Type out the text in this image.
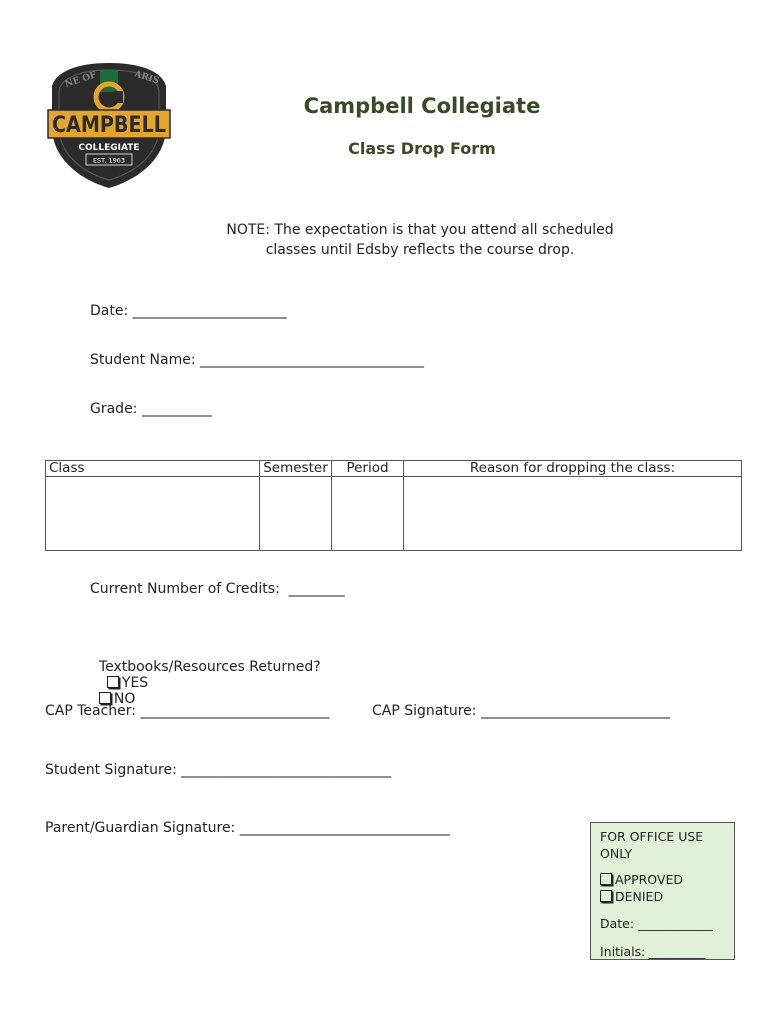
NE OF	ARIS
CAMPBELL
COLLEGIATE
EST. 1963
Campbell Collegiate
Class Drop Form
NOTE: The expectation is that you attend all scheduled
classes until Edsby reflects the course drop.
Date: ______________________
Student Name: ________________________________
Grade: __________
Class	Semester	Period	Reason for dropping the class:

Current Number of Credits:  ________

Textbooks/Resources Returned?
YES
NO

CAP Teacher: ___________________________	CAP Signature: ___________________________
Student Signature: ______________________________
Parent/Guardian Signature: ______________________________
FOR OFFICE USE ONLY
APPROVED
DENIED
Date: ____________
Initials: _________
